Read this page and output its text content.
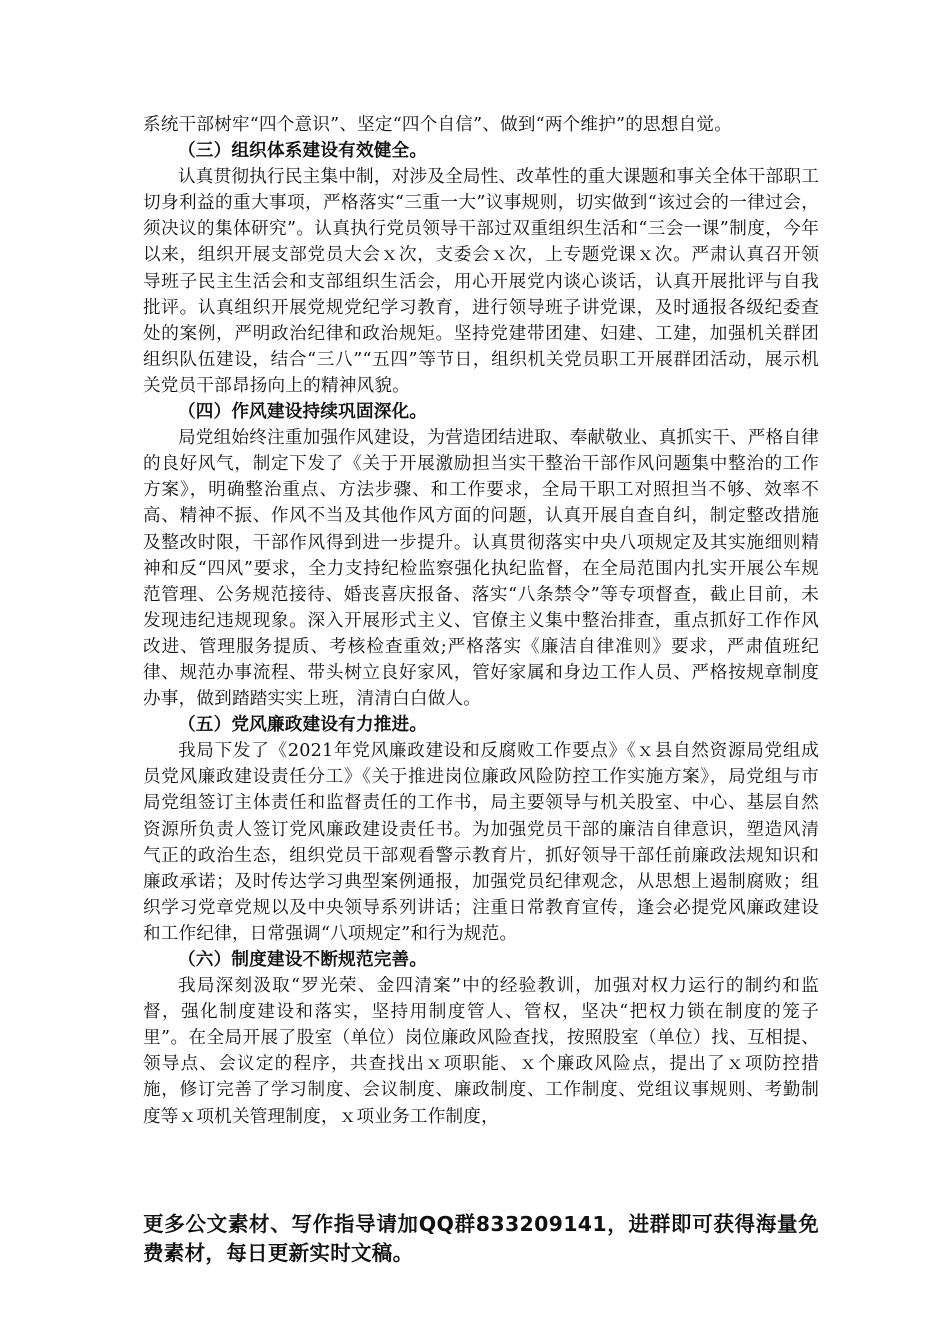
系统干部树牢“四个意识”、坚定“四个自信”、做到“两个维护”的思想自觉。

（三）组织体系建设有效健全。

认真贯彻执行民主集中制，对涉及全局性、改革性的重大课题和事关全体干部职工切身利益的重大事项，严格落实“三重一大”议事规则，切实做到“该过会的一律过会，须决议的集体研究”。认真执行党员领导干部过双重组织生活和“三会一课”制度，今年以来，组织开展支部党员大会ｘ次，支委会ｘ次，上专题党课ｘ次。严肃认真召开领导班子民主生活会和支部组织生活会，用心开展党内谈心谈话，认真开展批评与自我批评。认真组织开展党规党纪学习教育，进行领导班子讲党课，及时通报各级纪委查处的案例，严明政治纪律和政治规矩。坚持党建带团建、妇建、工建，加强机关群团组织队伍建设，结合“三八”“五四”等节日，组织机关党员职工开展群团活动，展示机关党员干部昂扬向上的精神风貌。

（四）作风建设持续巩固深化。

局党组始终注重加强作风建设，为营造团结进取、奉献敬业、真抓实干、严格自律的良好风气，制定下发了《关于开展激励担当实干整治干部作风问题集中整治的工作方案》，明确整治重点、方法步骤、和工作要求，全局干职工对照担当不够、效率不高、精神不振、作风不当及其他作风方面的问题，认真开展自查自纠，制定整改措施及整改时限，干部作风得到进一步提升。认真贯彻落实中央八项规定及其实施细则精神和反“四风”要求，全力支持纪检监察强化执纪监督，在全局范围内扎实开展公车规范管理、公务规范接待、婚丧喜庆报备、落实“八条禁令”等专项督查，截止目前，未发现违纪违规现象。深入开展形式主义、官僚主义集中整治排查，重点抓好工作作风改进、管理服务提质、考核检查重效;严格落实《廉洁自律准则》要求，严肃值班纪律、规范办事流程、带头树立良好家风，管好家属和身边工作人员、严格按规章制度办事，做到踏踏实实上班，清清白白做人。

（五）党风廉政建设有力推进。

我局下发了《2021年党风廉政建设和反腐败工作要点》《ｘ县自然资源局党组成员党风廉政建设责任分工》《关于推进岗位廉政风险防控工作实施方案》，局党组与市局党组签订主体责任和监督责任的工作书，局主要领导与机关股室、中心、基层自然资源所负责人签订党风廉政建设责任书。为加强党员干部的廉洁自律意识，塑造风清气正的政治生态，组织党员干部观看警示教育片，抓好领导干部任前廉政法规知识和廉政承诺；及时传达学习典型案例通报，加强党员纪律观念，从思想上遏制腐败；组织学习党章党规以及中央领导系列讲话；注重日常教育宣传，逢会必提党风廉政建设和工作纪律，日常强调“八项规定”和行为规范。

（六）制度建设不断规范完善。

我局深刻汲取“罗光荣、金四清案”中的经验教训，加强对权力运行的制约和监督，强化制度建设和落实，坚持用制度管人、管权，坚决“把权力锁在制度的笼子里”。在全局开展了股室（单位）岗位廉政风险查找，按照股室（单位）找、互相提、领导点、会议定的程序，共查找出ｘ项职能、ｘ个廉政风险点，提出了ｘ项防控措施，修订完善了学习制度、会议制度、廉政制度、工作制度、党组议事规则、考勤制度等ｘ项机关管理制度，ｘ项业务工作制度，

更多公文素材、写作指导请加QQ群833209141，进群即可获得海量免费素材，每日更新实时文稿。
